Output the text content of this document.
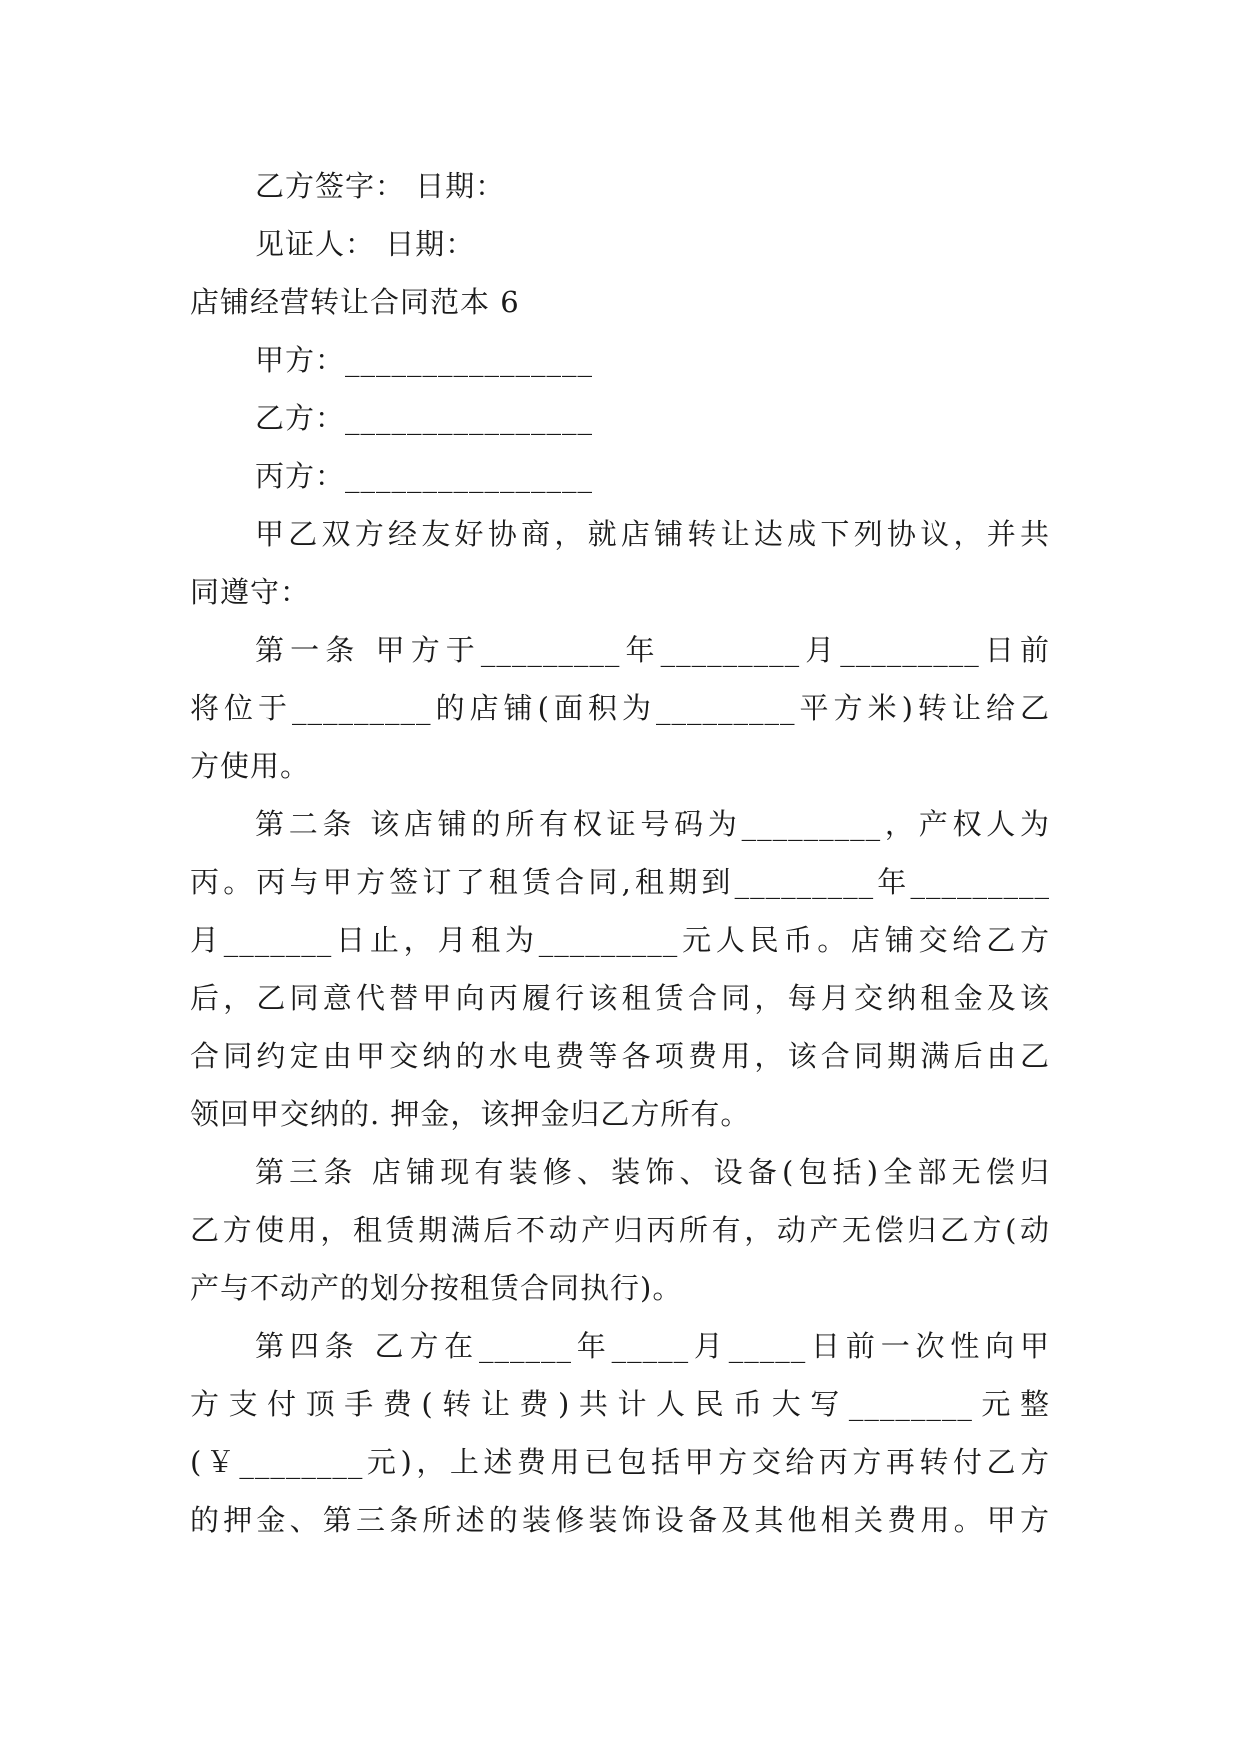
乙方签字： 日期：
见证人： 日期：
店铺经营转让合同范本 6
甲方：________________
乙方：________________
丙方：________________
甲乙双方经友好协商，就店铺转让达成下列协议，并共
同遵守：
第一条 甲方于_________年_________月_________日前
将位于_________的店铺(面积为_________平方米)转让给乙
方使用。
第二条 该店铺的所有权证号码为_________，产权人为
丙。丙与甲方签订了租赁合同,租期到_________年_________
月_______日止，月租为_________元人民币。店铺交给乙方
后，乙同意代替甲向丙履行该租赁合同，每月交纳租金及该
合同约定由甲交纳的水电费等各项费用，该合同期满后由乙
领回甲交纳的. 押金，该押金归乙方所有。
第三条 店铺现有装修、装饰、设备(包括)全部无偿归
乙方使用，租赁期满后不动产归丙所有，动产无偿归乙方(动
产与不动产的划分按租赁合同执行)。
第四条 乙方在______年_____月_____日前一次性向甲
方支付顶手费(转让费)共计人民币大写________元整
(￥________元)，上述费用已包括甲方交给丙方再转付乙方
的押金、第三条所述的装修装饰设备及其他相关费用。甲方
